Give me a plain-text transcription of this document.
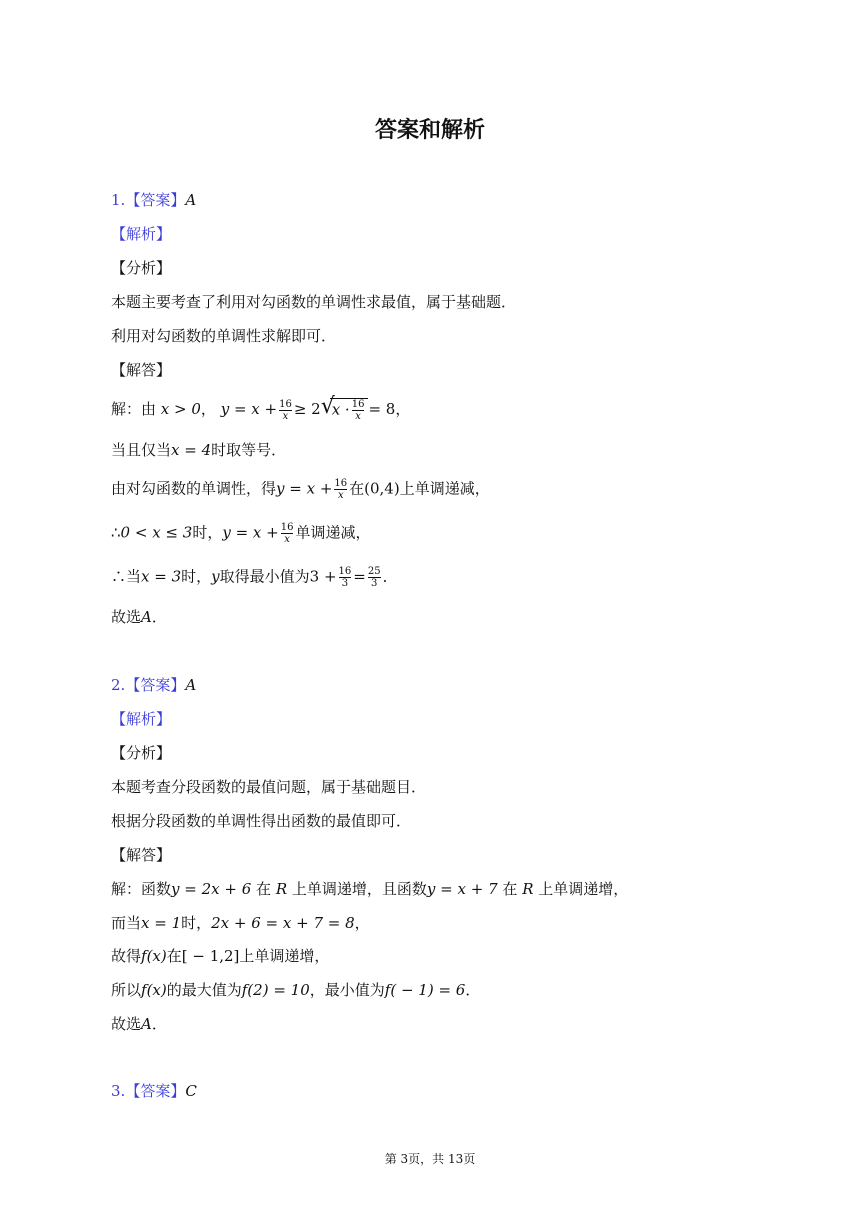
答案和解析
1.【答案】A
【解析】
【分析】
本题主要考查了利用对勾函数的单调性求最值，属于基础题．
利用对勾函数的单调性求解即可．
【解答】
解：由 x > 0， $y = x + \frac{16}{x} \ge 2$ √
$x \cdot \frac{16}{x} = 8$，
当且仅当x = 4时取等号．
由对勾函数的单调性，得$y = x + \frac{16}{x}$ 在(0,4)上单调递减，
∴0 < x ≤ 3时，$y = x + \frac{16}{x}$ 单调递减，
∴当x = 3时，y取得最小值为$3 + \frac{16}{3} = \frac{25}{3}$ ．
故选A．
2.【答案】A
【解析】
【分析】
本题考查分段函数的最值问题，属于基础题目．
根据分段函数的单调性得出函数的最值即可．
【解答】
解：函数y = 2x + 6 在 R 上单调递增，且函数y = x + 7 在 R 上单调递增，
而当x = 1时，2x + 6 = x + 7 = 8，
故得f(x)在[ − 1,2]上单调递增，
所以f(x)的最大值为f(2) = 10，最小值为f( − 1) = 6．
故选A．
3.【答案】C
第 3页，共 13页
